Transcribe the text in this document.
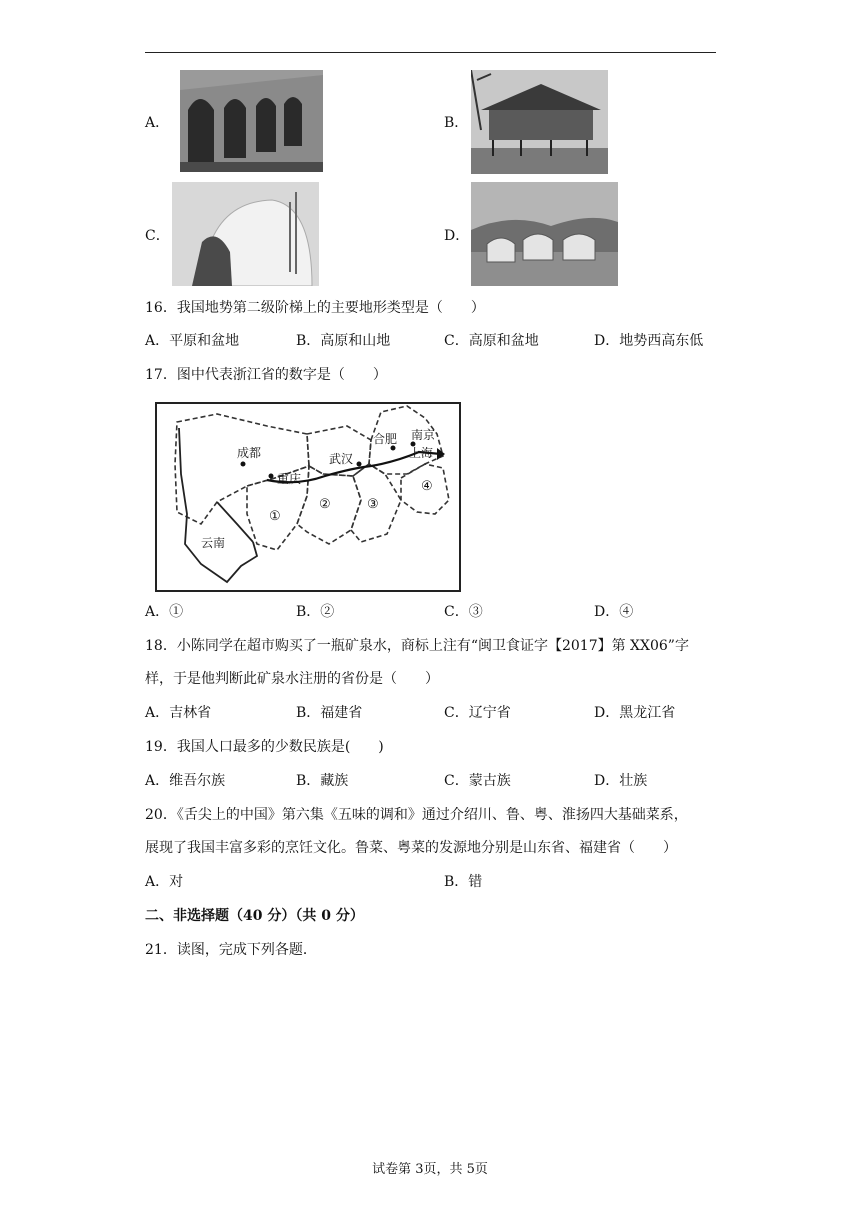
A．	B．
C．	D．
16．我国地势第二级阶梯上的主要地形类型是（　　）
A．平原和盆地	B．高原和山地	C．高原和盆地	D．地势西高东低
17．图中代表浙江省的数字是（　　）
成都
重庆
武汉
合肥 南京
上海
云南
①
②	③
④
A．①	B．②	C．③	D．④
18．小陈同学在超市购买了一瓶矿泉水，商标上注有“闽卫食证字【2017】第 XX06”字
样，于是他判断此矿泉水注册的省份是（　　）
A．吉林省	B．福建省	C．辽宁省	D．黑龙江省
19．我国人口最多的少数民族是(　　)
A．维吾尔族	B．藏族	C．蒙古族	D．壮族
20．《舌尖上的中国》第六集《五味的调和》通过介绍川、鲁、粤、淮扬四大基础菜系，
展现了我国丰富多彩的烹饪文化。鲁菜、粤菜的发源地分别是山东省、福建省（　　）
A．对	B．错
二、非选择题（40 分）（共 0 分）
21．读图，完成下列各题．
试卷第 3页，共 5页
